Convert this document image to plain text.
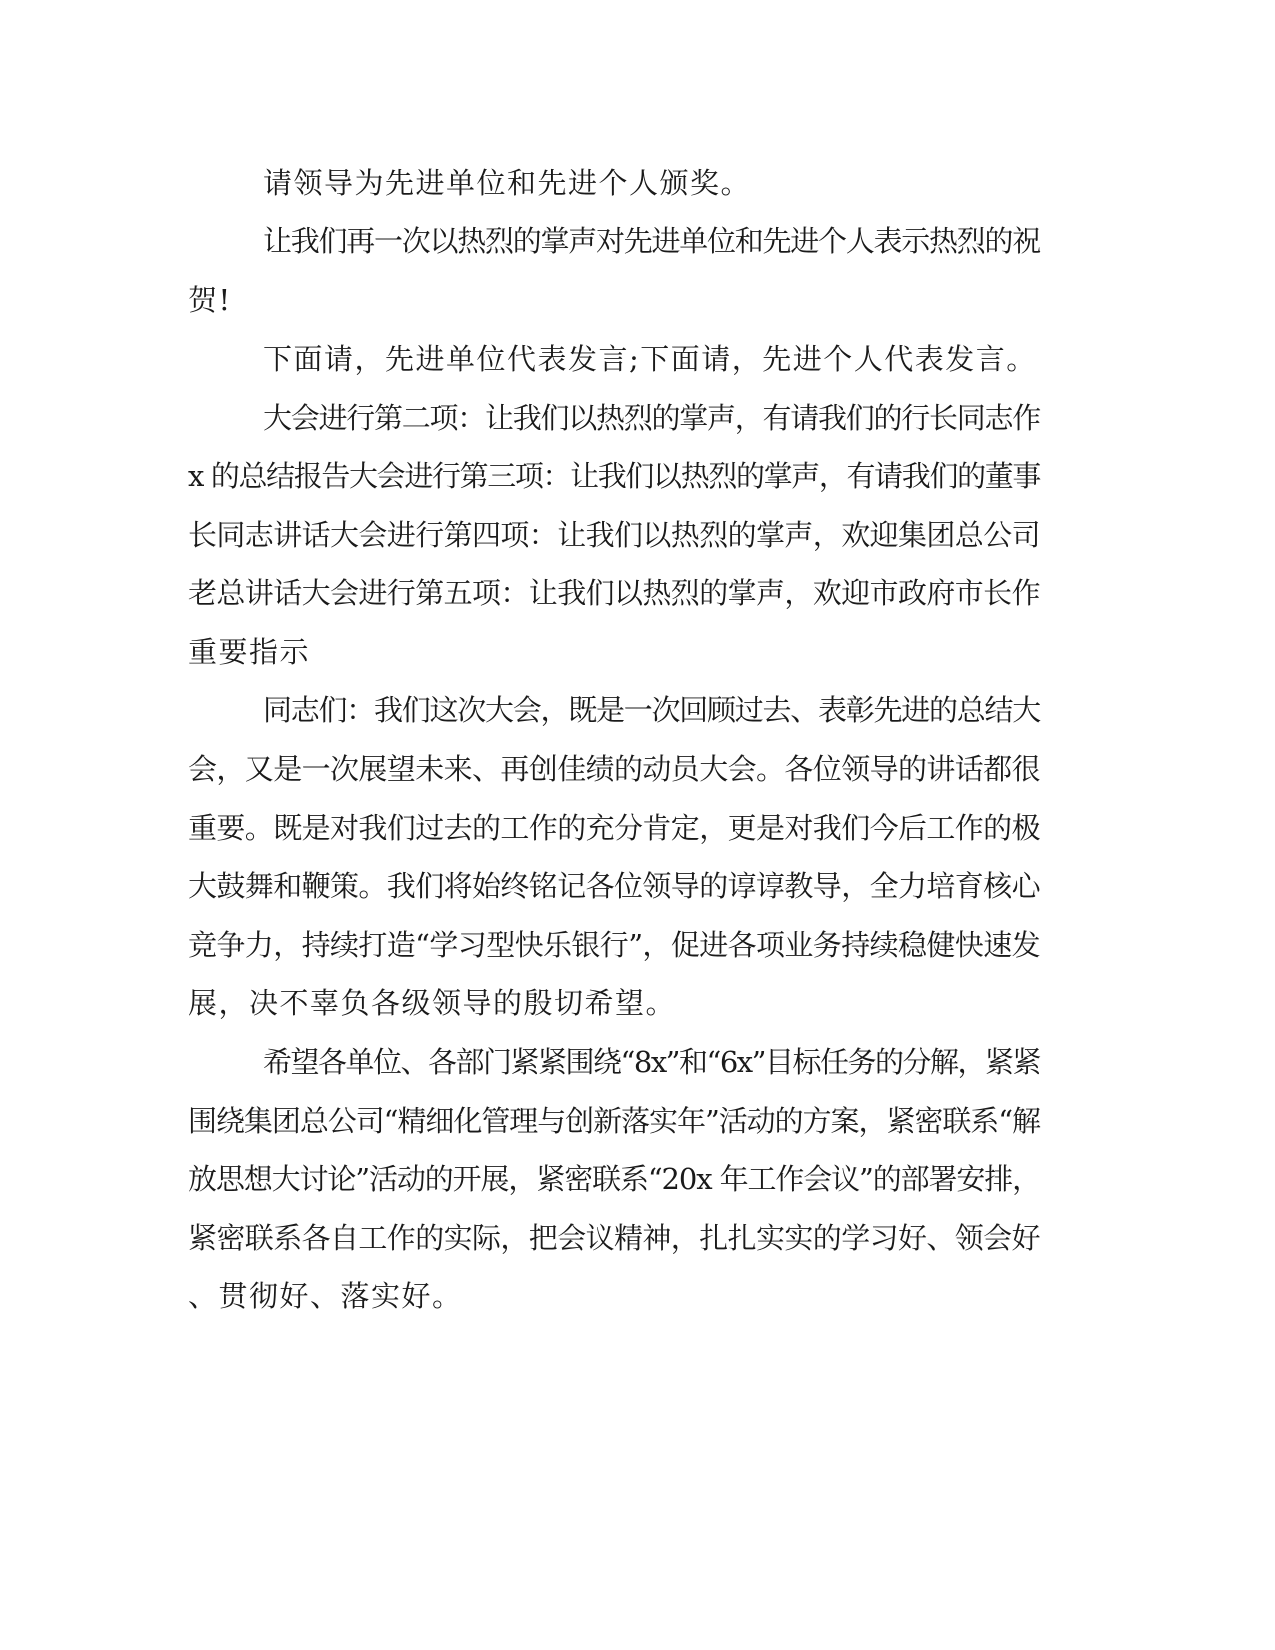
请领导为先进单位和先进个人颁奖。
让我们再一次以热烈的掌声对先进单位和先进个人表示热烈的祝
贺!
下面请，先进单位代表发言;下面请，先进个人代表发言。
大会进行第二项：让我们以热烈的掌声，有请我们的行长同志作
x 的总结报告大会进行第三项：让我们以热烈的掌声，有请我们的董事
长同志讲话大会进行第四项：让我们以热烈的掌声，欢迎集团总公司
老总讲话大会进行第五项：让我们以热烈的掌声，欢迎市政府市长作
重要指示
同志们：我们这次大会，既是一次回顾过去、表彰先进的总结大
会，又是一次展望未来、再创佳绩的动员大会。各位领导的讲话都很
重要。既是对我们过去的工作的充分肯定，更是对我们今后工作的极
大鼓舞和鞭策。我们将始终铭记各位领导的谆谆教导，全力培育核心
竞争力，持续打造“学习型快乐银行”，促进各项业务持续稳健快速发
展，决不辜负各级领导的殷切希望。
希望各单位、各部门紧紧围绕“8x”和“6x”目标任务的分解，紧紧
围绕集团总公司“精细化管理与创新落实年”活动的方案，紧密联系“解
放思想大讨论”活动的开展，紧密联系“20x 年工作会议”的部署安排，
紧密联系各自工作的实际，把会议精神，扎扎实实的学习好、领会好
、贯彻好、落实好。
